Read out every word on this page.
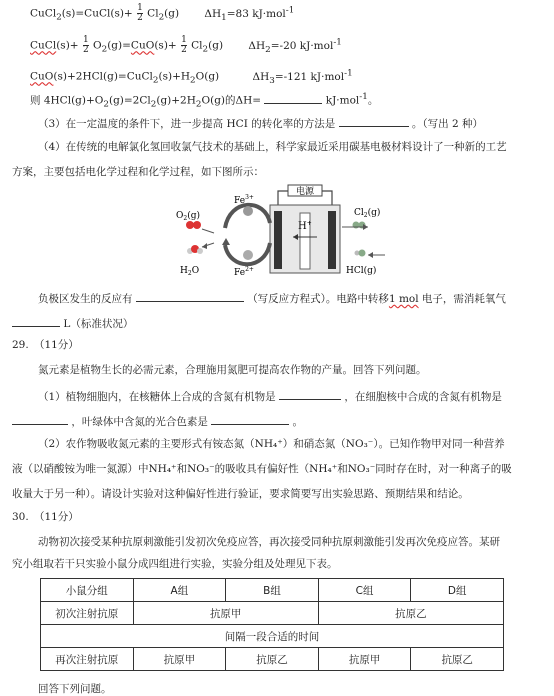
CuCl$_2$(s)=CuCl(s)+ $\frac{1}{2} Cl_2(g)$ $\Delta H_1=83$ kJ·mol$^{-1}$
CuCl(s)+ $\frac{1}{2} O_2(g)=CuO(s)+ \frac{1}{2} Cl_2(g)$ $\Delta H_2=-20$ kJ·mol$^{-1}$
$CuO(s)+2HCl(g)=CuCl_2(s)+H_2O(g)$	$\Delta H_3=-121$ kJ·mol$^{-1}$
则 $4HCl(g)+O_2(g)=2Cl_2(g)+2H_2O(g)$的ΔH=	kJ·mol$^{-1}$。
（3）在一定温度的条件下，进一步提高 HCI 的转化率的方法是	。（写出 2 种）
（4）在传统的电解氯化氢回收氯气技术的基础上，科学家最近采用碳基电极材料设计了一种新的工艺
方案，主要包括电化学过程和化学过程，如下图所示：
电源
H+
$O_2(g)$
$Fe^{3+}$
$Fe^{2+}$
$H_2O$
$Cl_2(g)$
HCl(g)
负极区发生的反应有	（写反应方程式）。电路中转移1 mol 电子，需消耗氧气
L（标准状况）
29.　（11分）
氮元素是植物生长的必需元素，合理施用氮肥可提高农作物的产量。回答下列问题。
（1）植物细胞内，在核糖体上合成的含氮有机物是	，在细胞核中合成的含氮有机物是
，叶绿体中含氮的光合色素是	。
（2）农作物吸收氮元素的主要形式有铵态氮（NH₄⁺）和硝态氮（NO₃⁻）。已知作物甲对同一种营养
液（以硝酸铵为唯一氮源）中NH₄⁺和NO₃⁻的吸收具有偏好性（NH₄⁺和NO₃⁻同时存在时，对一种离子的吸
收量大于另一种）。请设计实验对这种偏好性进行验证，要求简要写出实验思路、预期结果和结论。
30.　（11分）
动物初次接受某种抗原刺激能引发初次免疫应答，再次接受同种抗原刺激能引发再次免疫应答。某研
究小组取若干只实验小鼠分成四组进行实验，实验分组及处理见下表。
小鼠分组	A组	B组	C组	D组
初次注射抗原	抗原甲		抗原乙	
间隔一段合适的时间				
再次注射抗原	抗原甲	抗原乙	抗原甲	抗原乙
回答下列问题。
